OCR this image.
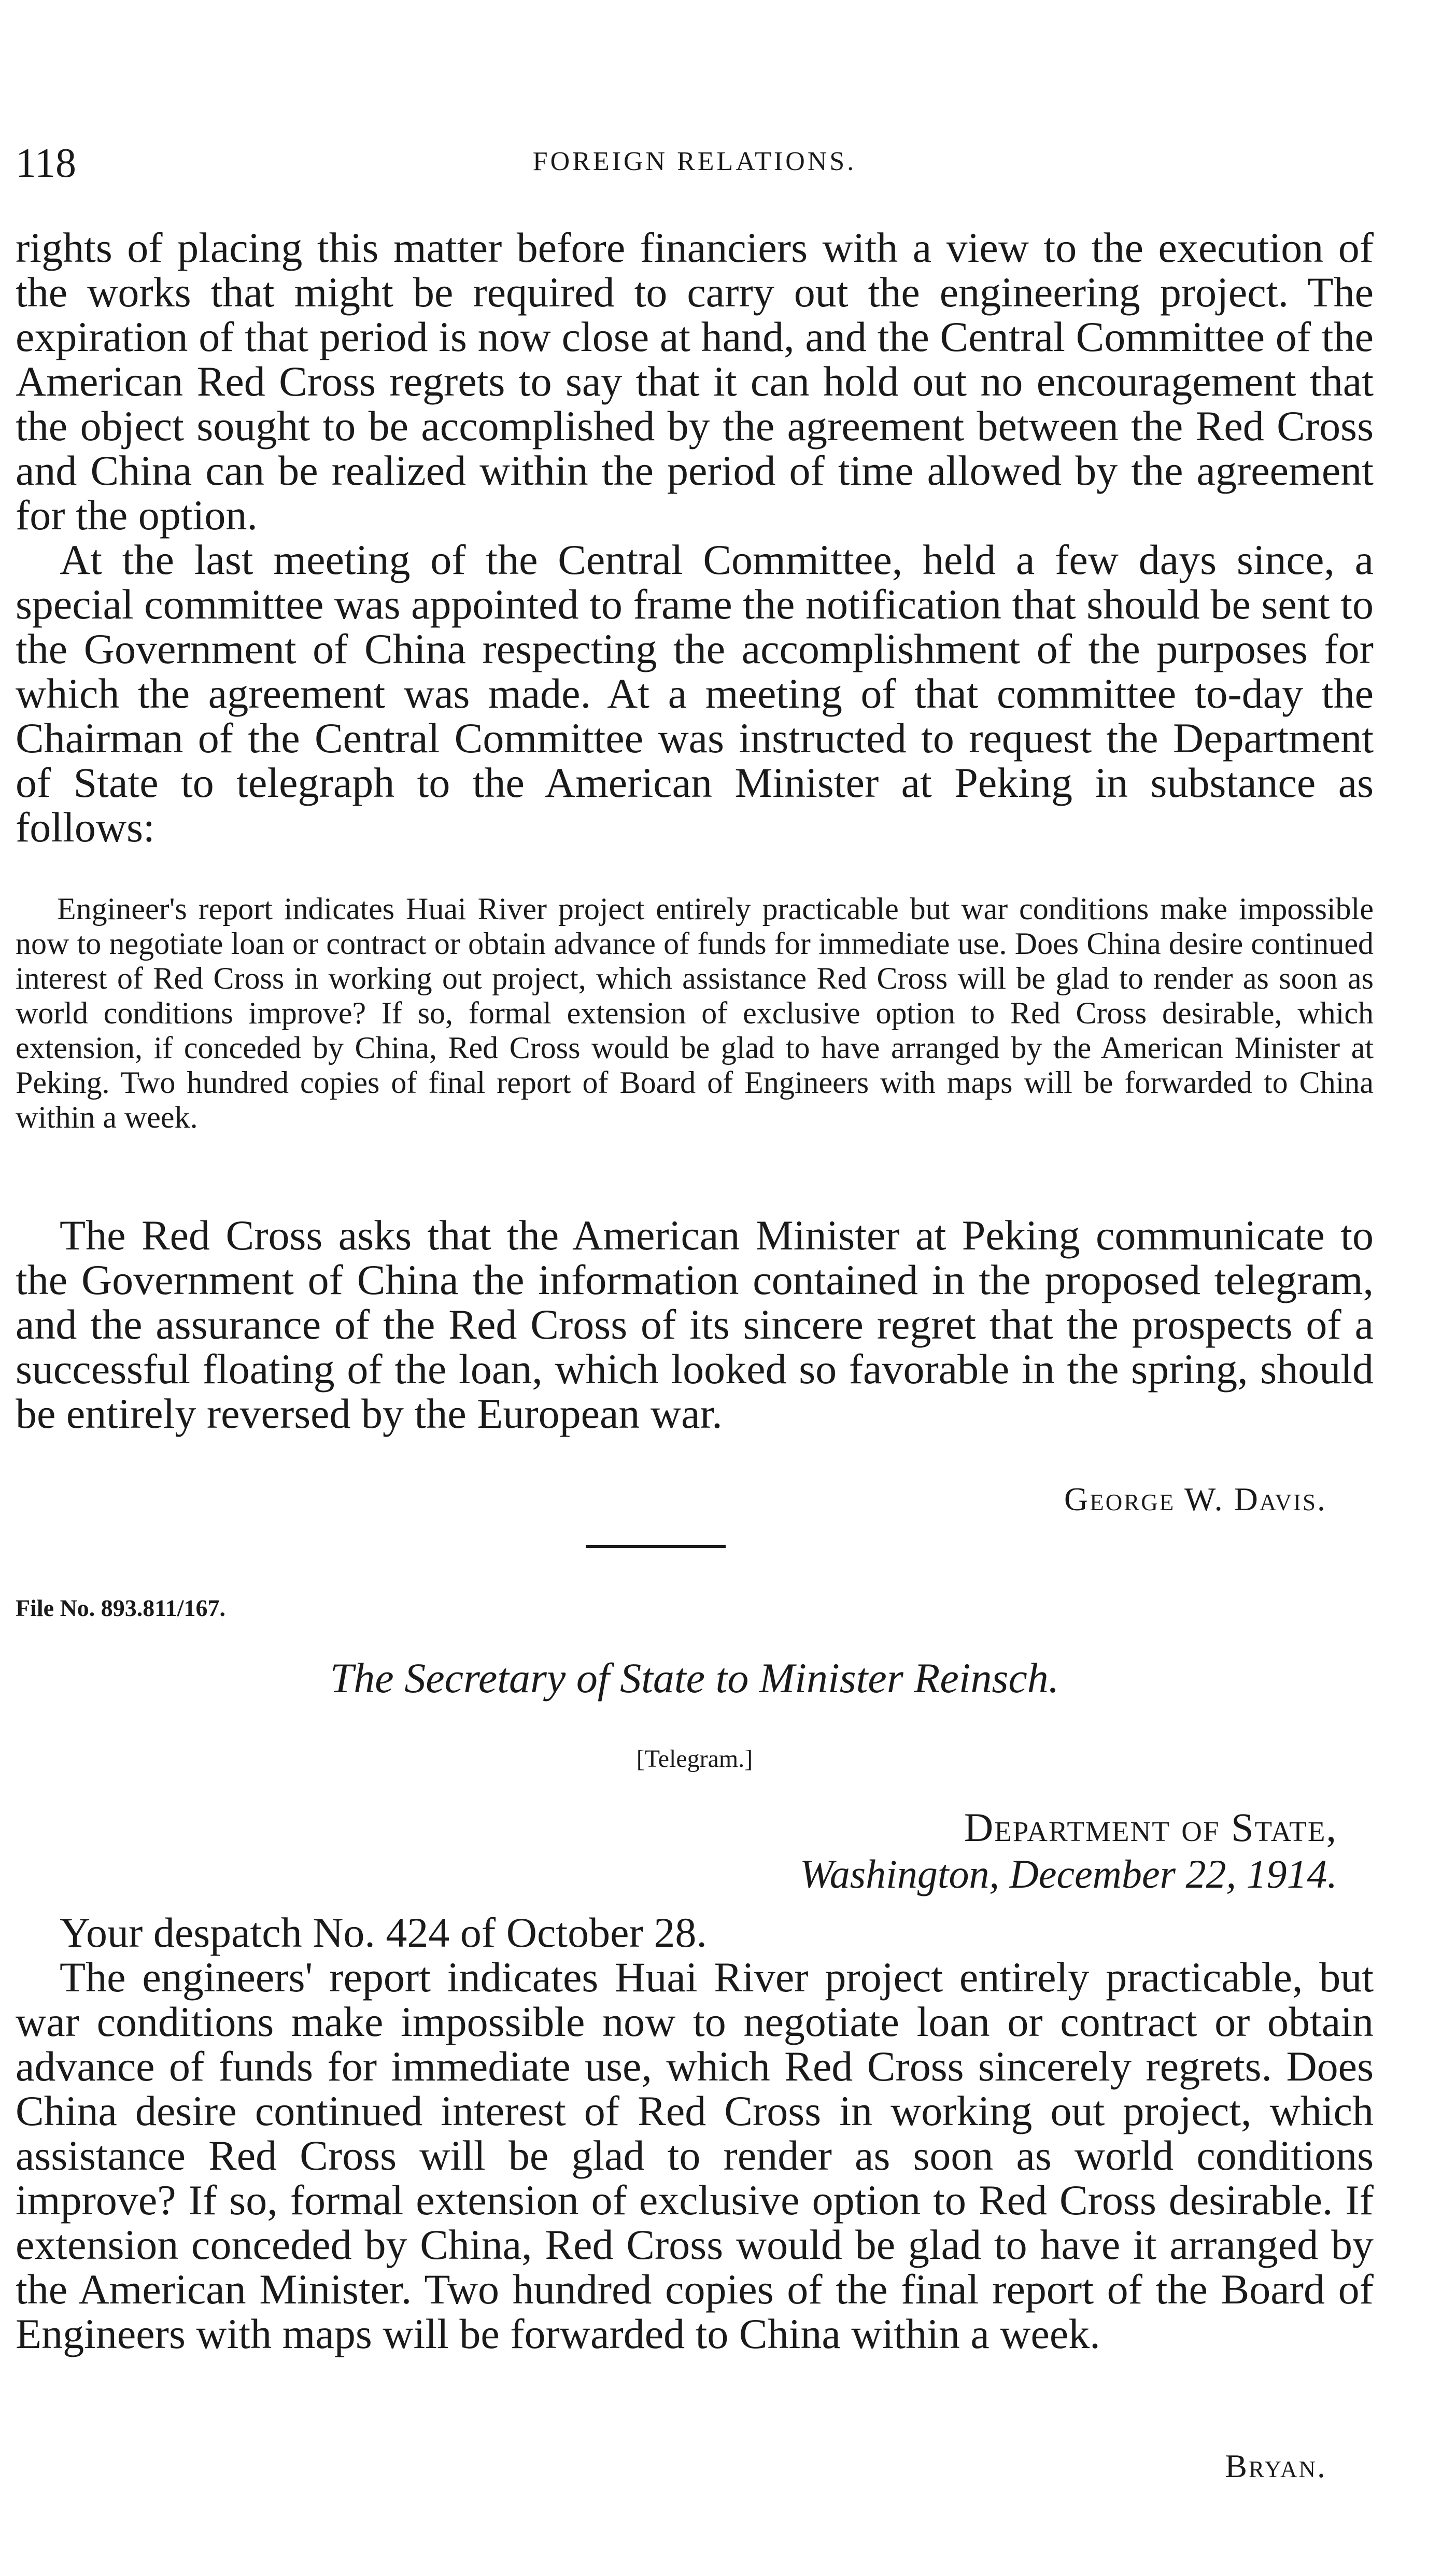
118	FOREIGN RELATIONS.

rights of placing this matter before financiers with a view to the execution of the works that might be required to carry out the engineering project. The expiration of that period is now close at hand, and the Central Committee of the American Red Cross regrets to say that it can hold out no encouragement that the object sought to be accomplished by the agreement between the Red Cross and China can be realized within the period of time allowed by the agreement for the option.

At the last meeting of the Central Committee, held a few days since, a special committee was appointed to frame the notification that should be sent to the Government of China respecting the accomplishment of the purposes for which the agreement was made. At a meeting of that committee to-day the Chairman of the Central Committee was instructed to request the Department of State to telegraph to the American Minister at Peking in substance as follows:

Engineer's report indicates Huai River project entirely practicable but war conditions make impossible now to negotiate loan or contract or obtain advance of funds for immediate use. Does China desire continued interest of Red Cross in working out project, which assistance Red Cross will be glad to render as soon as world conditions improve? If so, formal extension of exclusive option to Red Cross desirable, which extension, if conceded by China, Red Cross would be glad to have arranged by the American Minister at Peking. Two hundred copies of final report of Board of Engineers with maps will be forwarded to China within a week.

The Red Cross asks that the American Minister at Peking communicate to the Government of China the information contained in the proposed telegram, and the assurance of the Red Cross of its sincere regret that the prospects of a successful floating of the loan, which looked so favorable in the spring, should be entirely reversed by the European war.

George W. Davis.
File No. 893.811/167.
The Secretary of State to Minister Reinsch.
[Telegram.]
Department of State,
Washington, December 22, 1914.

Your despatch No. 424 of October 28.

The engineers' report indicates Huai River project entirely practicable, but war conditions make impossible now to negotiate loan or contract or obtain advance of funds for immediate use, which Red Cross sincerely regrets. Does China desire continued interest of Red Cross in working out project, which assistance Red Cross will be glad to render as soon as world conditions improve? If so, formal extension of exclusive option to Red Cross desirable. If extension conceded by China, Red Cross would be glad to have it arranged by the American Minister. Two hundred copies of the final report of the Board of Engineers with maps will be forwarded to China within a week.

Bryan.
